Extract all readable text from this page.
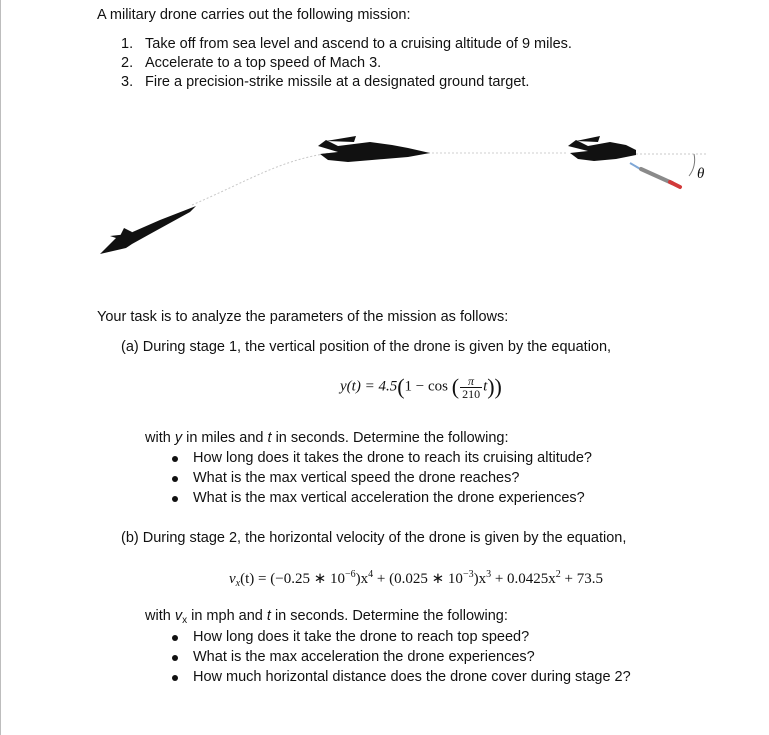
A military drone carries out the following mission:
1. Take off from sea level and ascend to a cruising altitude of 9 miles.
2. Accelerate to a top speed of Mach 3.
3. Fire a precision-strike missile at a designated ground target.
θ
Your task is to analyze the parameters of the mission as follows:
(a) During stage 1, the vertical position of the drone is given by the equation,
y(t) = 4.5(1 − cos ( $\frac{\pi}{210} t$))
with y in miles and t in seconds. Determine the following:
How long does it takes the drone to reach its cruising altitude?
What is the max vertical speed the drone reaches?
What is the max vertical acceleration the drone experiences?
(b) During stage 2, the horizontal velocity of the drone is given by the equation,
$v_x(t) = (-0.25$ ∗ $10^{-6})x^4 + (0.025$ ∗ $10^{-3})x^3 + 0.0425x^2 + 73.5$
with $v_x$ in mph and t in seconds. Determine the following:
How long does it take the drone to reach top speed?
What is the max acceleration the drone experiences?
How much horizontal distance does the drone cover during stage 2?
